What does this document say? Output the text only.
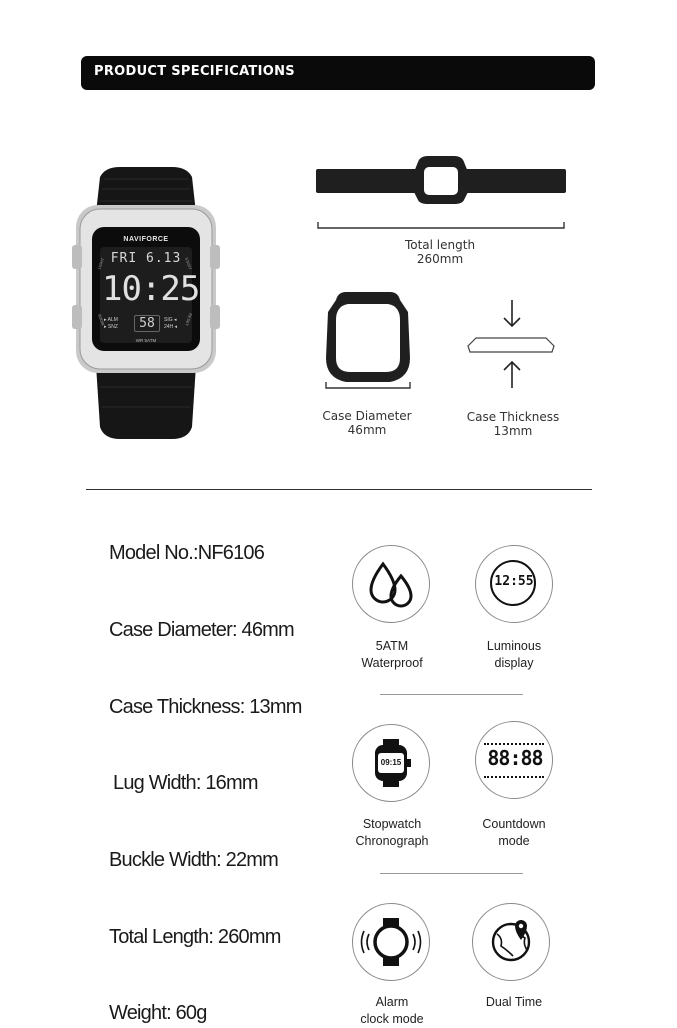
PRODUCT SPECIFICATIONS
NAVIFORCE
FRI 6.13
10:25
58
▸ ALM
▸ SNZ
SIG ◂
24H ◂
WR 5ATM
LIGHT	START
MODE	RESET
Total length
260mm
Case Diameter
46mm
Case Thickness
13mm
Model No.:NF6106
Case Diameter: 46mm
Case Thickness: 13mm
Lug Width: 16mm
Buckle Width: 22mm
Total Length: 260mm
Weight: 60g
5ATM
Waterproof
12:55
Luminous
display
09:15
Stopwatch
Chronograph
88:88
Countdown
mode
Alarm
clock mode
Dual Time
